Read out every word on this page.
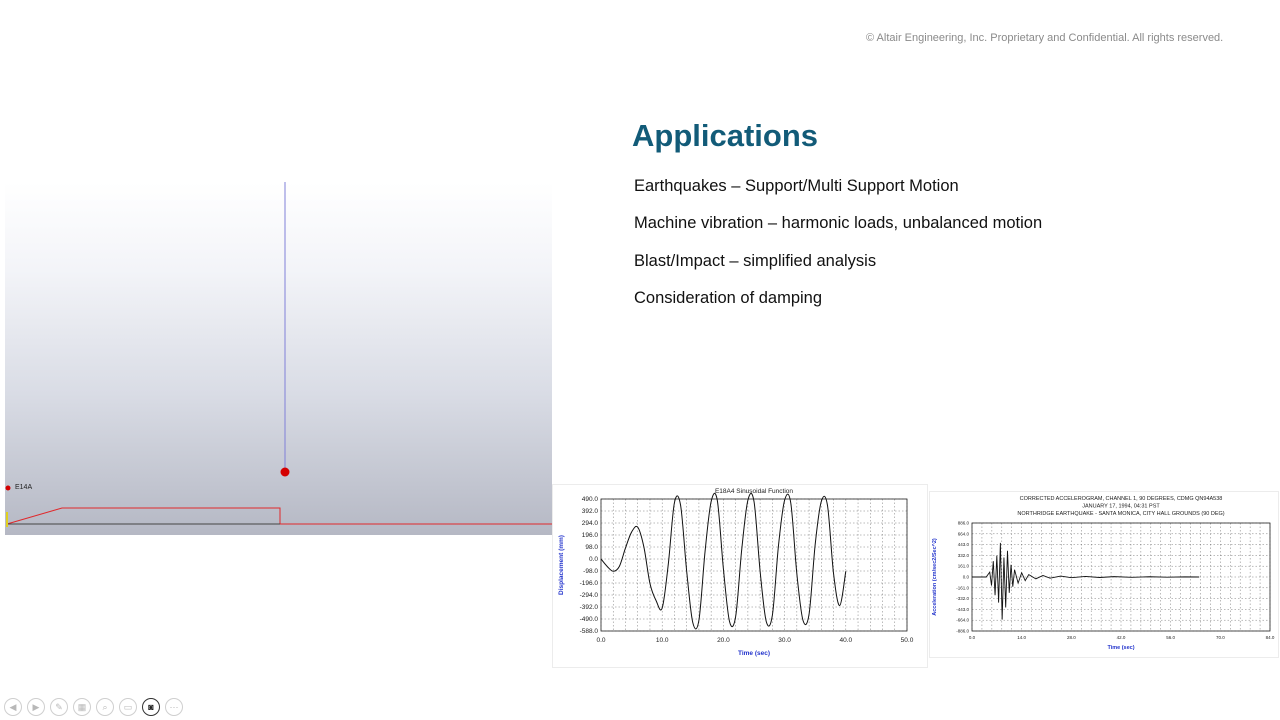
© Altair Engineering, Inc. Proprietary and Confidential. All rights reserved.
Applications
Earthquakes – Support/Multi Support Motion
Machine vibration – harmonic loads, unbalanced motion
Blast/Impact – simplified analysis
Consideration of damping
E14A
E18A4 Sinusoidal Function
0.0	10.0	20.0	30.0	40.0	50.0
490.0
392.0
294.0
196.0
98.0
0.0
-98.0
-196.0
-294.0
-392.0
-490.0
-588.0
Time (sec)
Displacement (mm)
CORRECTED ACCELEROGRAM, CHANNEL 1, 90 DEGREES, CDMG QN94A538
JANUARY 17, 1994, 04:31 PST
NORTHRIDGE EARTHQUAKE - SANTA MONICA, CITY HALL GROUNDS (90 DEG)
0.0	14.0	28.0	42.0	56.0	70.0	84.0
886.0
664.0
443.0
332.0
161.0
0.0
-161.0
-332.0
-443.0
-664.0
-886.0
Time (sec)
Acceleration (cm/sec2/Sec^2)
◀	▶	✎	▦	⌕	▭	◙	⋯
